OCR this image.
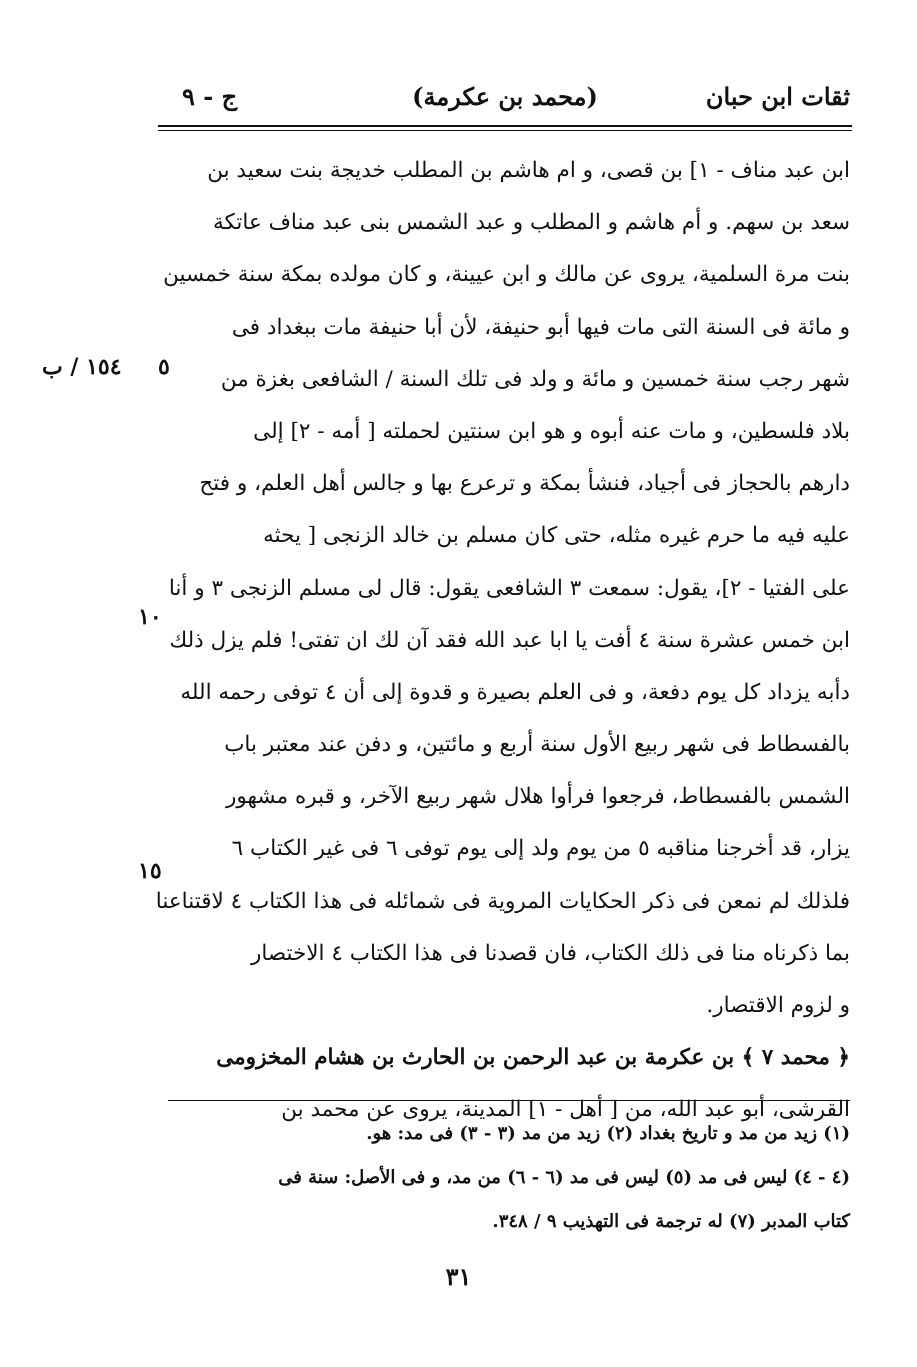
ثقات ابن حبان
(محمد بن عكرمة)
ج - ٩
ابن عبد مناف - ١] بن قصى، و ام هاشم بن المطلب خديجة بنت سعيد بن
سعد بن سهم. و أم هاشم و المطلب و عبد الشمس بنى عبد مناف عاتكة
بنت مرة السلمية، يروى عن مالك و ابن عيينة، و كان مولده بمكة سنة خمسين
و مائة فى السنة التى مات فيها أبو حنيفة، لأن أبا حنيفة مات ببغداد فى
شهر رجب سنة خمسين و مائة و ولد فى تلك السنة / الشافعى بغزة من
بلاد فلسطين، و مات عنه أبوه و هو ابن سنتين لحملته [ أمه - ٢] إلى
دارهم بالحجاز فى أجياد، فنشأ بمكة و ترعرع بها و جالس أهل العلم، و فتح
عليه فيه ما حرم غيره مثله، حتى كان مسلم بن خالد الزنجى [ يحثه
على الفتيا - ٢]، يقول: سمعت ٣ الشافعى يقول: قال لى مسلم الزنجى ٣ و أنا
ابن خمس عشرة سنة ٤ أفت يا ابا عبد الله فقد آن لك ان تفتى! فلم يزل ذلك
دأبه يزداد كل يوم دفعة، و فى العلم بصيرة و قدوة إلى أن ٤ توفى رحمه الله
بالفسطاط فى شهر ربيع الأول سنة أربع و مائتين، و دفن عند معتبر باب
الشمس بالفسطاط، فرجعوا فرأوا هلال شهر ربيع الآخر، و قبره مشهور
يزار، قد أخرجنا مناقبه ٥ من يوم ولد إلى يوم توفى ٦ فى غير الكتاب ٦
فلذلك لم نمعن فى ذكر الحكايات المروية فى شمائله فى هذا الكتاب ٤ لاقتناعنا
بما ذكرناه منا فى ذلك الكتاب، فان قصدنا فى هذا الكتاب ٤ الاختصار
و لزوم الاقتصار.
﴿ محمد ٧ ﴾ بن عكرمة بن عبد الرحمن بن الحارث بن هشام المخزومى
القرشى، أبو عبد الله، من [ أهل - ١] المدينة، يروى عن محمد بن
٥
١٥٤ / ب
١٠
١٥
(١) زيد من مد و تاريخ بغداد (٢) زيد من مد (٣ - ٣) فى مد: هو.
(٤ - ٤) ليس فى مد (٥) ليس فى مد (٦ - ٦) من مد، و فى الأصل: سنة فى
كتاب المدبر (٧) له ترجمة فى التهذيب ٩ / ٣٤٨.
٣١
